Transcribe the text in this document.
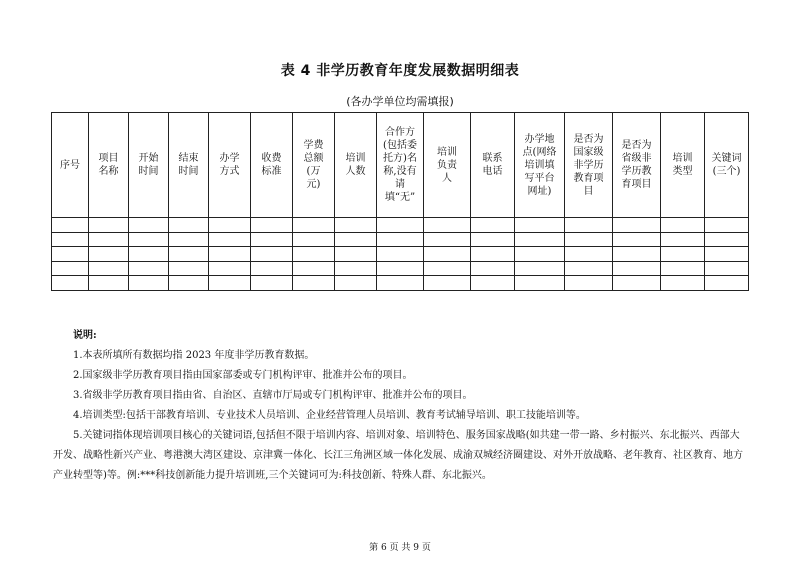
表 4 非学历教育年度发展数据明细表
(各办学单位均需填报)
序号	项目名称	开始时间	结束时间	办学方式	收费标准	学费总额(万元)	培训人数	合作方(包括委托方)名称,没有请填“无”	培训负责人	联系电话	办学地点(网络培训填写平台网址)	是否为国家级非学历教育项目	是否为省级非学历教育项目	培训类型	关键词(三个)

说明:

1.本表所填所有数据均指 2023 年度非学历教育数据。

2.国家级非学历教育项目指由国家部委或专门机构评审、批准并公布的项目。

3.省级非学历教育项目指由省、自治区、直辖市厅局或专门机构评审、批准并公布的项目。

4.培训类型:包括干部教育培训、专业技术人员培训、企业经营管理人员培训、教育考试辅导培训、职工技能培训等。

5.关键词指体现培训项目核心的关键词语,包括但不限于培训内容、培训对象、培训特色、服务国家战略(如共建一带一路、乡村振兴、东北振兴、西部大开发、战略性新兴产业、粤港澳大湾区建设、京津冀一体化、长江三角洲区域一体化发展、成渝双城经济圈建设、对外开放战略、老年教育、社区教育、地方产业转型等)等。例:***科技创新能力提升培训班,三个关键词可为:科技创新、特殊人群、东北振兴。

第 6 页 共 9 页
